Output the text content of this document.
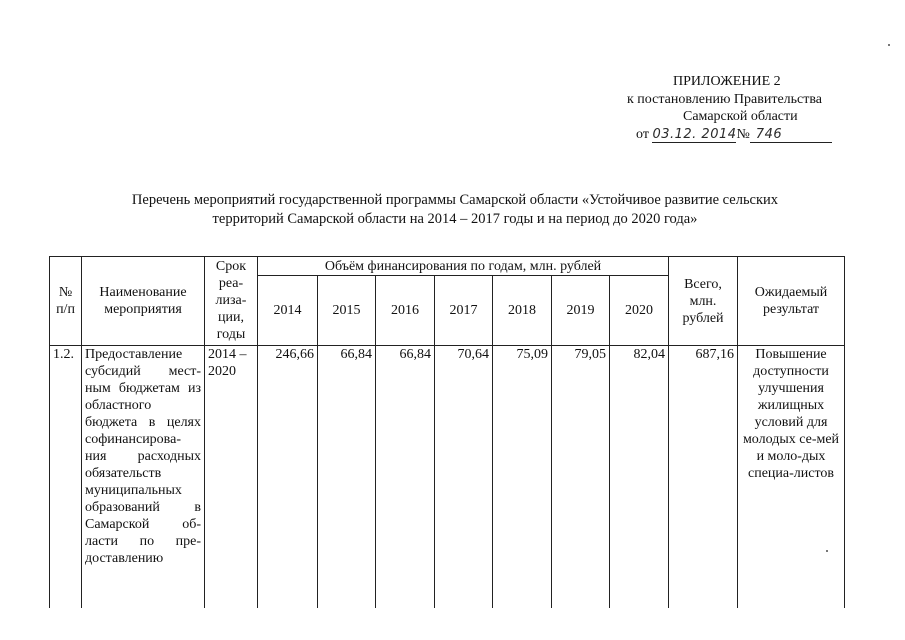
ПРИЛОЖЕНИЕ 2
к постановлению Правительства
Самарской области
от 03.12. 2014№ 746
Перечень мероприятий государственной программы Самарской области «Устойчивое развитие сельских
территорий Самарской области на 2014 – 2017 годы и на период до 2020 года»
№ п/п	Наименование мероприятия	Срок реа- лиза- ции, годы	Объём финансирования по годам, млн. рублей							Всего, млн. рублей	Ожидаемый результат
			2014	2015	2016	2017	2018	2019	2020		
1.2.	Предоставление субсидий мест-ным бюджетам из областного бюджета в целях софинансирова-ния расходных обязательств муниципальных образований в Самарской об-ласти по пре-доставлению	2014 – 2020	246,66	66,84	66,84	70,64	75,09	79,05	82,04	687,16	Повышение доступности улучшения жилищных условий для молодых се-мей и моло-дых специа-листов
